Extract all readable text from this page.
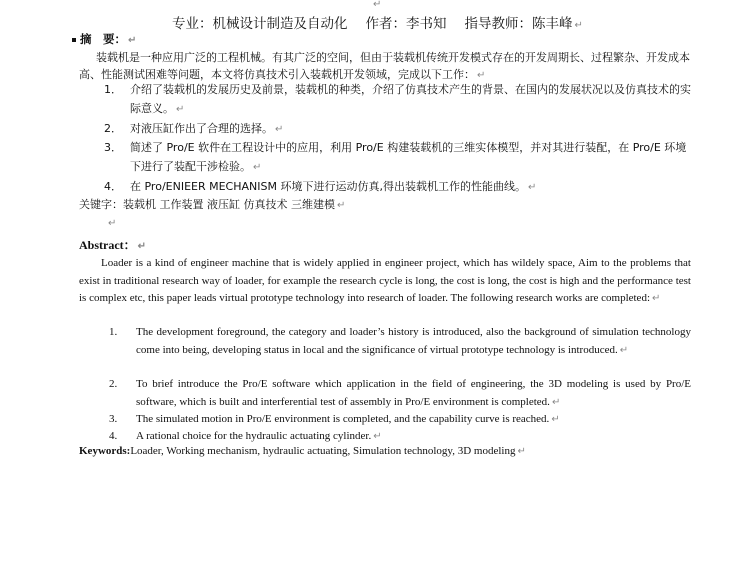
↵
专业：机械设计制造及自动化 作者：李书知 指导教师：陈丰峰 ↵
摘　要： ↵

装载机是一种应用广泛的工程机械。有其广泛的空间，但由于装载机传统开发模式存在的开发周期长、过程繁杂、开发成本高、性能测试困难等问题，本文将仿真技术引入装载机开发领域，完成以下工作： ↵

1． 介绍了装载机的发展历史及前景，装载机的种类，介绍了仿真技术产生的背景、在国内的发展状况以及仿真技术的实际意义。 ↵
2． 对液压缸作出了合理的选择。 ↵
3． 简述了 Pro/E 软件在工程设计中的应用，利用 Pro/E 构建装载机的三维实体模型，并对其进行装配，在 Pro/E 环境下进行了装配干涉检验。 ↵
4． 在 Pro/ENIEER MECHANISM 环境下进行运动仿真,得出装载机工作的性能曲线。 ↵
关键字：装载机 工作装置 液压缸 仿真技术 三维建模 ↵
↵
Abstract： ↵

Loader is a kind of engineer machine that is widely applied in engineer project, which has wildely space, Aim to the problems that exist in traditional research way of loader, for example the research cycle is long, the cost is long, the cost is high and the performance test is complex etc, this paper leads virtual prototype technology into research of loader. The following research works are completed: ↵

1. The development foreground, the category and loader’s history is introduced, also the background of simulation technology come into being, developing status in local and the significance of virtual prototype technology is introduced. ↵
2. To brief introduce the Pro/E software which application in the field of engineering, the 3D modeling is used by Pro/E software, which is built and interferential test of assembly in Pro/E environment is completed. ↵
3. The simulated motion in Pro/E environment is completed, and the capability curve is reached. ↵
4. A rational choice for the hydraulic actuating cylinder. ↵
Keywords:Loader, Working mechanism, hydraulic actuating, Simulation technology, 3D modeling ↵
